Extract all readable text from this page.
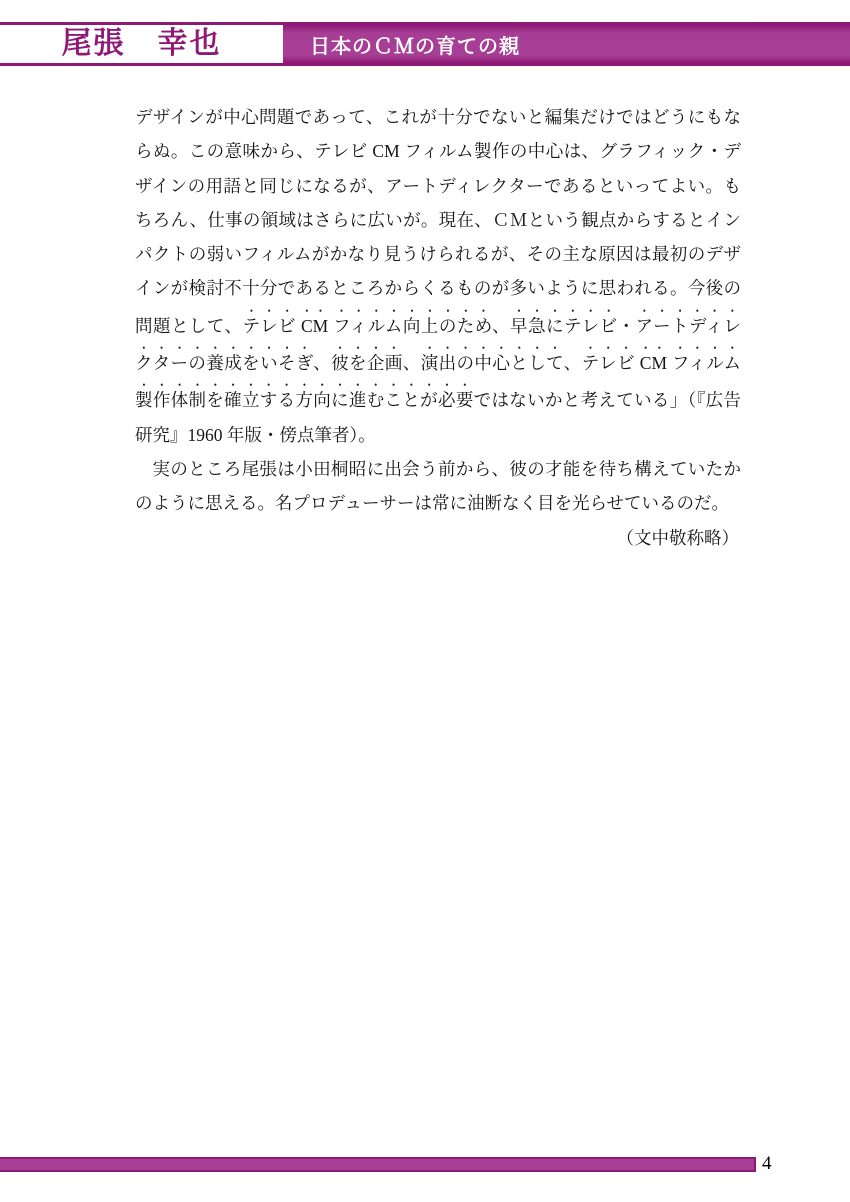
尾張　幸也	日本のＣＭの育ての親

デザインが中心問題であって、これが十分でないと編集だけではどうにもならぬ。この意味から、テレビ CM フィルム製作の中心は、グラフィック・デザインの用語と同じになるが、アートディレクターであるといってよい。もちろん、仕事の領域はさらに広いが。現在、ＣＭという観点からするとインパクトの弱いフィルムがかなり見うけられるが、その主な原因は最初のデザインが検討不十分であるところからくるものが多いように思われる。今後の問題として、テレビ CM フィルム向上のため、早急にテレビ・アートディレクターの養成をいそぎ、彼を企画、演出の中心として、テレビ CM フィルム製作体制を確立する方向に進むことが必要ではないかと考えている」（『広告研究』1960 年版・傍点筆者）。

実のところ尾張は小田桐昭に出会う前から、彼の才能を待ち構えていたかのように思える。名プロデューサーは常に油断なく目を光らせているのだ。

（文中敬称略）

4
